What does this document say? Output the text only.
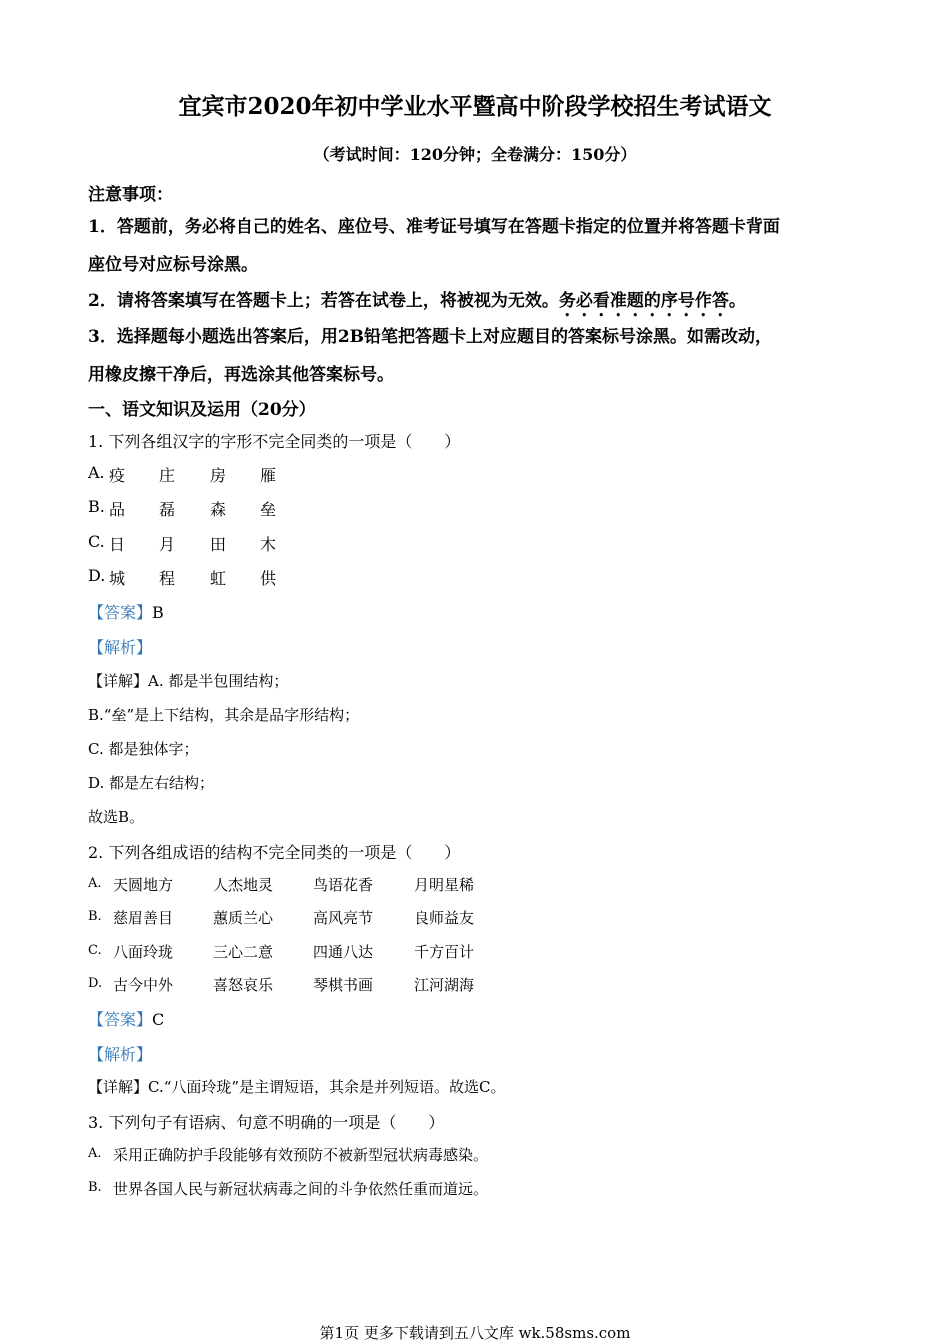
宜宾市2020年初中学业水平暨高中阶段学校招生考试语文
（考试时间：120分钟；全卷满分：150分）
注意事项：
1．答题前，务必将自己的姓名、座位号、准考证号填写在答题卡指定的位置并将答题卡背面
座位号对应标号涂黑。
2．请将答案填写在答题卡上；若答在试卷上，将被视为无效。务必看准题的序号作答。
3．选择题每小题选出答案后，用2B铅笔把答题卡上对应题目的答案标号涂黑。如需改动，
用橡皮擦干净后，再选涂其他答案标号。
一、语文知识及运用（20分）
1. 下列各组汉字的字形不完全同类的一项是（　　）
A. 疫 庄 房 雁
B. 品 磊 森 垒
C. 日 月 田 木
D. 城 程 虹 供
【答案】B
【解析】
【详解】A. 都是半包围结构；
B.“垒”是上下结构，其余是品字形结构；
C. 都是独体字；
D. 都是左右结构；
故选B。
2. 下列各组成语的结构不完全同类的一项是（　　）
A. 天圆地方	人杰地灵	鸟语花香	月明星稀
B. 慈眉善目	蕙质兰心	高风亮节	良师益友
C. 八面玲珑	三心二意	四通八达	千方百计
D. 古今中外	喜怒哀乐	琴棋书画	江河湖海
【答案】C
【解析】
【详解】C.“八面玲珑”是主谓短语，其余是并列短语。故选C。
3. 下列句子有语病、句意不明确的一项是（　　）
A. 采用正确防护手段能够有效预防不被新型冠状病毒感染。
B. 世界各国人民与新冠状病毒之间的斗争依然任重而道远。
第1页 更多下载请到五八文库 wk.58sms.com
